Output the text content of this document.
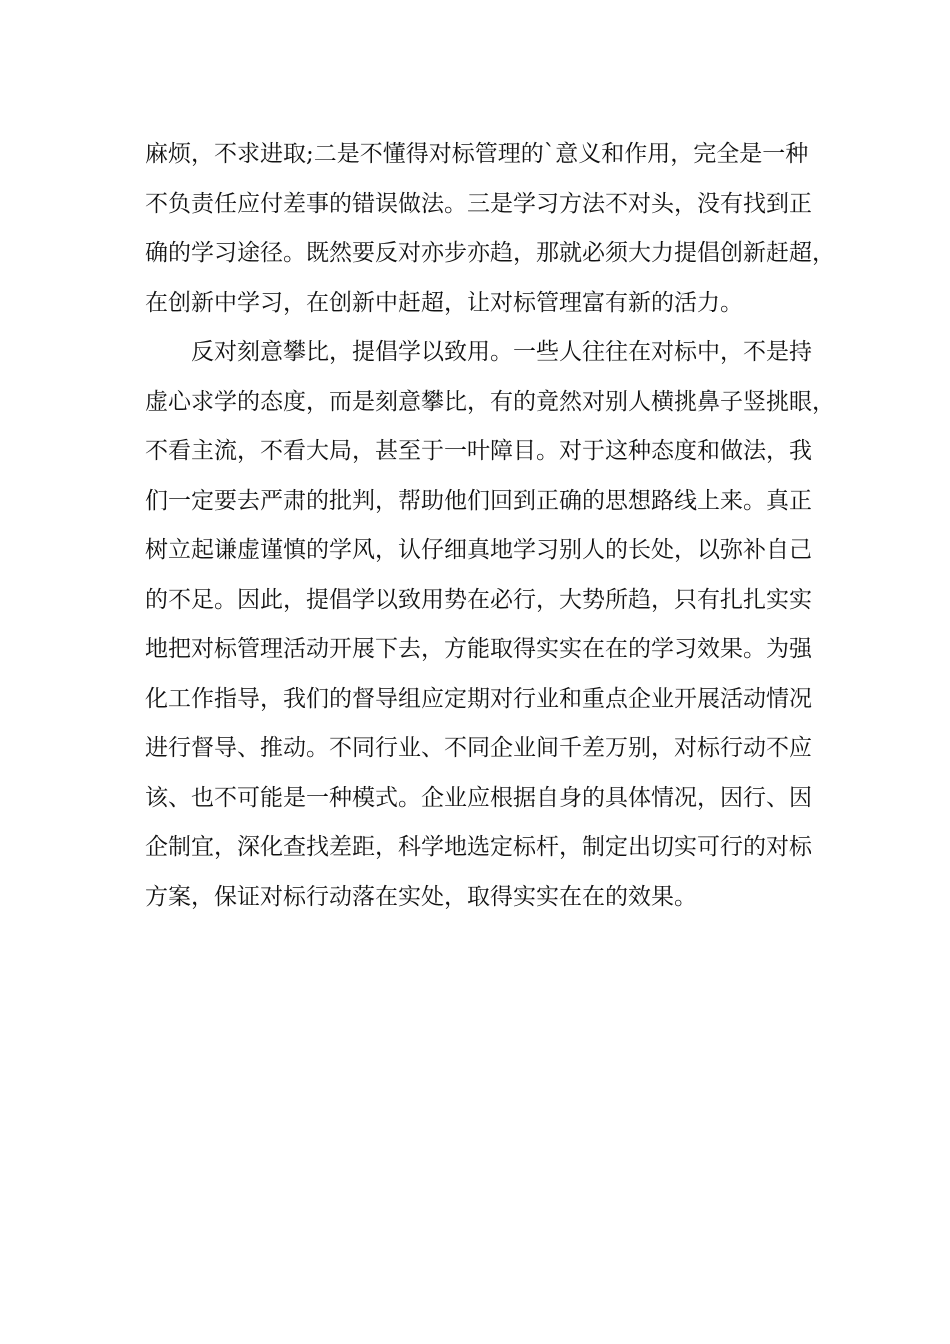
麻烦，不求进取;二是不懂得对标管理的`意义和作用，完全是一种
不负责任应付差事的错误做法。三是学习方法不对头，没有找到正
确的学习途径。既然要反对亦步亦趋，那就必须大力提倡创新赶超，
在创新中学习，在创新中赶超，让对标管理富有新的活力。
反对刻意攀比，提倡学以致用。一些人往往在对标中，不是持
虚心求学的态度，而是刻意攀比，有的竟然对别人横挑鼻子竖挑眼，
不看主流，不看大局，甚至于一叶障目。对于这种态度和做法，我
们一定要去严肃的批判，帮助他们回到正确的思想路线上来。真正
树立起谦虚谨慎的学风，认仔细真地学习别人的长处，以弥补自己
的不足。因此，提倡学以致用势在必行，大势所趋，只有扎扎实实
地把对标管理活动开展下去，方能取得实实在在的学习效果。为强
化工作指导，我们的督导组应定期对行业和重点企业开展活动情况
进行督导、推动。不同行业、不同企业间千差万别，对标行动不应
该、也不可能是一种模式。企业应根据自身的具体情况，因行、因
企制宜，深化查找差距，科学地选定标杆，制定出切实可行的对标
方案，保证对标行动落在实处，取得实实在在的效果。
